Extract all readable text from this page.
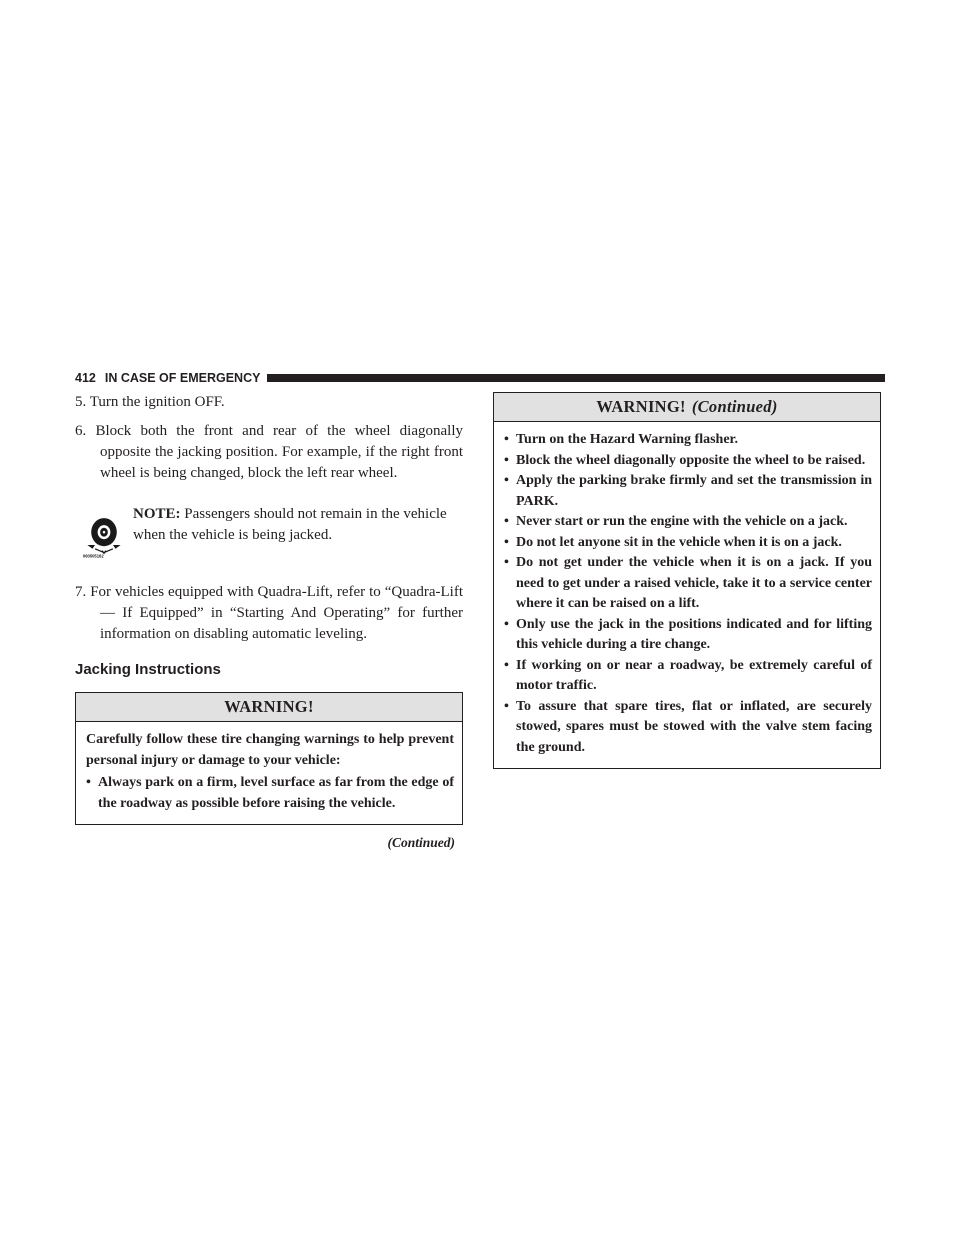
412 IN CASE OF EMERGENCY
5. Turn the ignition OFF.
6. Block both the front and rear of the wheel diagonally opposite the jacking position. For example, if the right front wheel is being changed, block the left rear wheel.
060505162
NOTE: Passengers should not remain in the vehicle when the vehicle is being jacked.
7. For vehicles equipped with Quadra-Lift, refer to “Quadra-Lift — If Equipped” in “Starting And Operating” for further information on disabling automatic leveling.
Jacking Instructions
WARNING!
Carefully follow these tire changing warnings to help prevent personal injury or damage to your vehicle:
• Always park on a firm, level surface as far from the edge of the roadway as possible before raising the vehicle.
(Continued)
WARNING! (Continued)
• Turn on the Hazard Warning flasher.
• Block the wheel diagonally opposite the wheel to be raised.
• Apply the parking brake firmly and set the transmission in PARK.
• Never start or run the engine with the vehicle on a jack.
• Do not let anyone sit in the vehicle when it is on a jack.
• Do not get under the vehicle when it is on a jack. If you need to get under a raised vehicle, take it to a service center where it can be raised on a lift.
• Only use the jack in the positions indicated and for lifting this vehicle during a tire change.
• If working on or near a roadway, be extremely careful of motor traffic.
• To assure that spare tires, flat or inflated, are securely stowed, spares must be stowed with the valve stem facing the ground.
